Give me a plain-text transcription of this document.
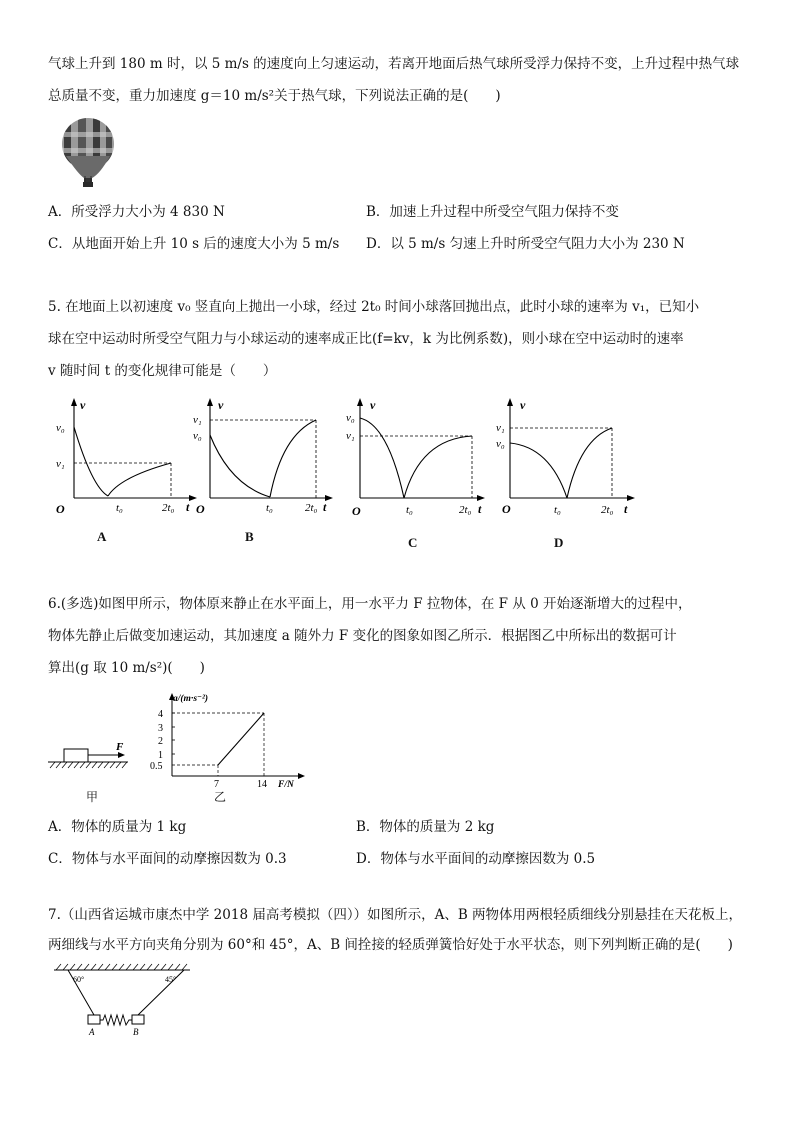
气球上升到 180 m 时，以 5 m/s 的速度向上匀速运动，若离开地面后热气球所受浮力保持不变，上升过程中热气球
总质量不变，重力加速度 g＝10 m/s²关于热气球，下列说法正确的是(　　)
A．所受浮力大小为 4 830 N	B．加速上升过程中所受空气阻力保持不变
C．从地面开始上升 10 s 后的速度大小为 5 m/s D．以 5 m/s 匀速上升时所受空气阻力大小为 230 N
5. 在地面上以初速度 v₀ 竖直向上抛出一小球，经过 2t₀ 时间小球落回抛出点，此时小球的速率为 v₁，已知小
球在空中运动时所受空气阻力与小球运动的速率成正比(f=kv，k 为比例系数)，则小球在空中运动时的速率
v 随时间 t 的变化规律可能是（　　）
v
v₀
v₁
O	t₀	2t₀ t
A
v
v₁
v₀
O	t₀	2t₀ t
B
v
v₀
v₁
O	t₀	2t₀ t
C
v
v₁
v₀
O	t₀	2t₀ t
D
6.(多选)如图甲所示，物体原来静止在水平面上，用一水平力 F 拉物体，在 F 从 0 开始逐渐增大的过程中，
物体先静止后做变加速运动，其加速度 a 随外力 F 变化的图象如图乙所示．根据图乙中所标出的数据可计
算出(g 取 10 m/s²)(　　)
F
甲
a/(m·s⁻²)
4
3
2
1
0.5
7	14 F/N
乙
A．物体的质量为 1 kg	B．物体的质量为 2 kg
C．物体与水平面间的动摩擦因数为 0.3	D．物体与水平面间的动摩擦因数为 0.5
7.（山西省运城市康杰中学 2018 届高考模拟（四））如图所示，A、B 两物体用两根轻质细线分别悬挂在天花板上，
两细线与水平方向夹角分别为 60°和 45°，A、B 间拴接的轻质弹簧恰好处于水平状态，则下列判断正确的是(　　)
60°	45°
A	B
